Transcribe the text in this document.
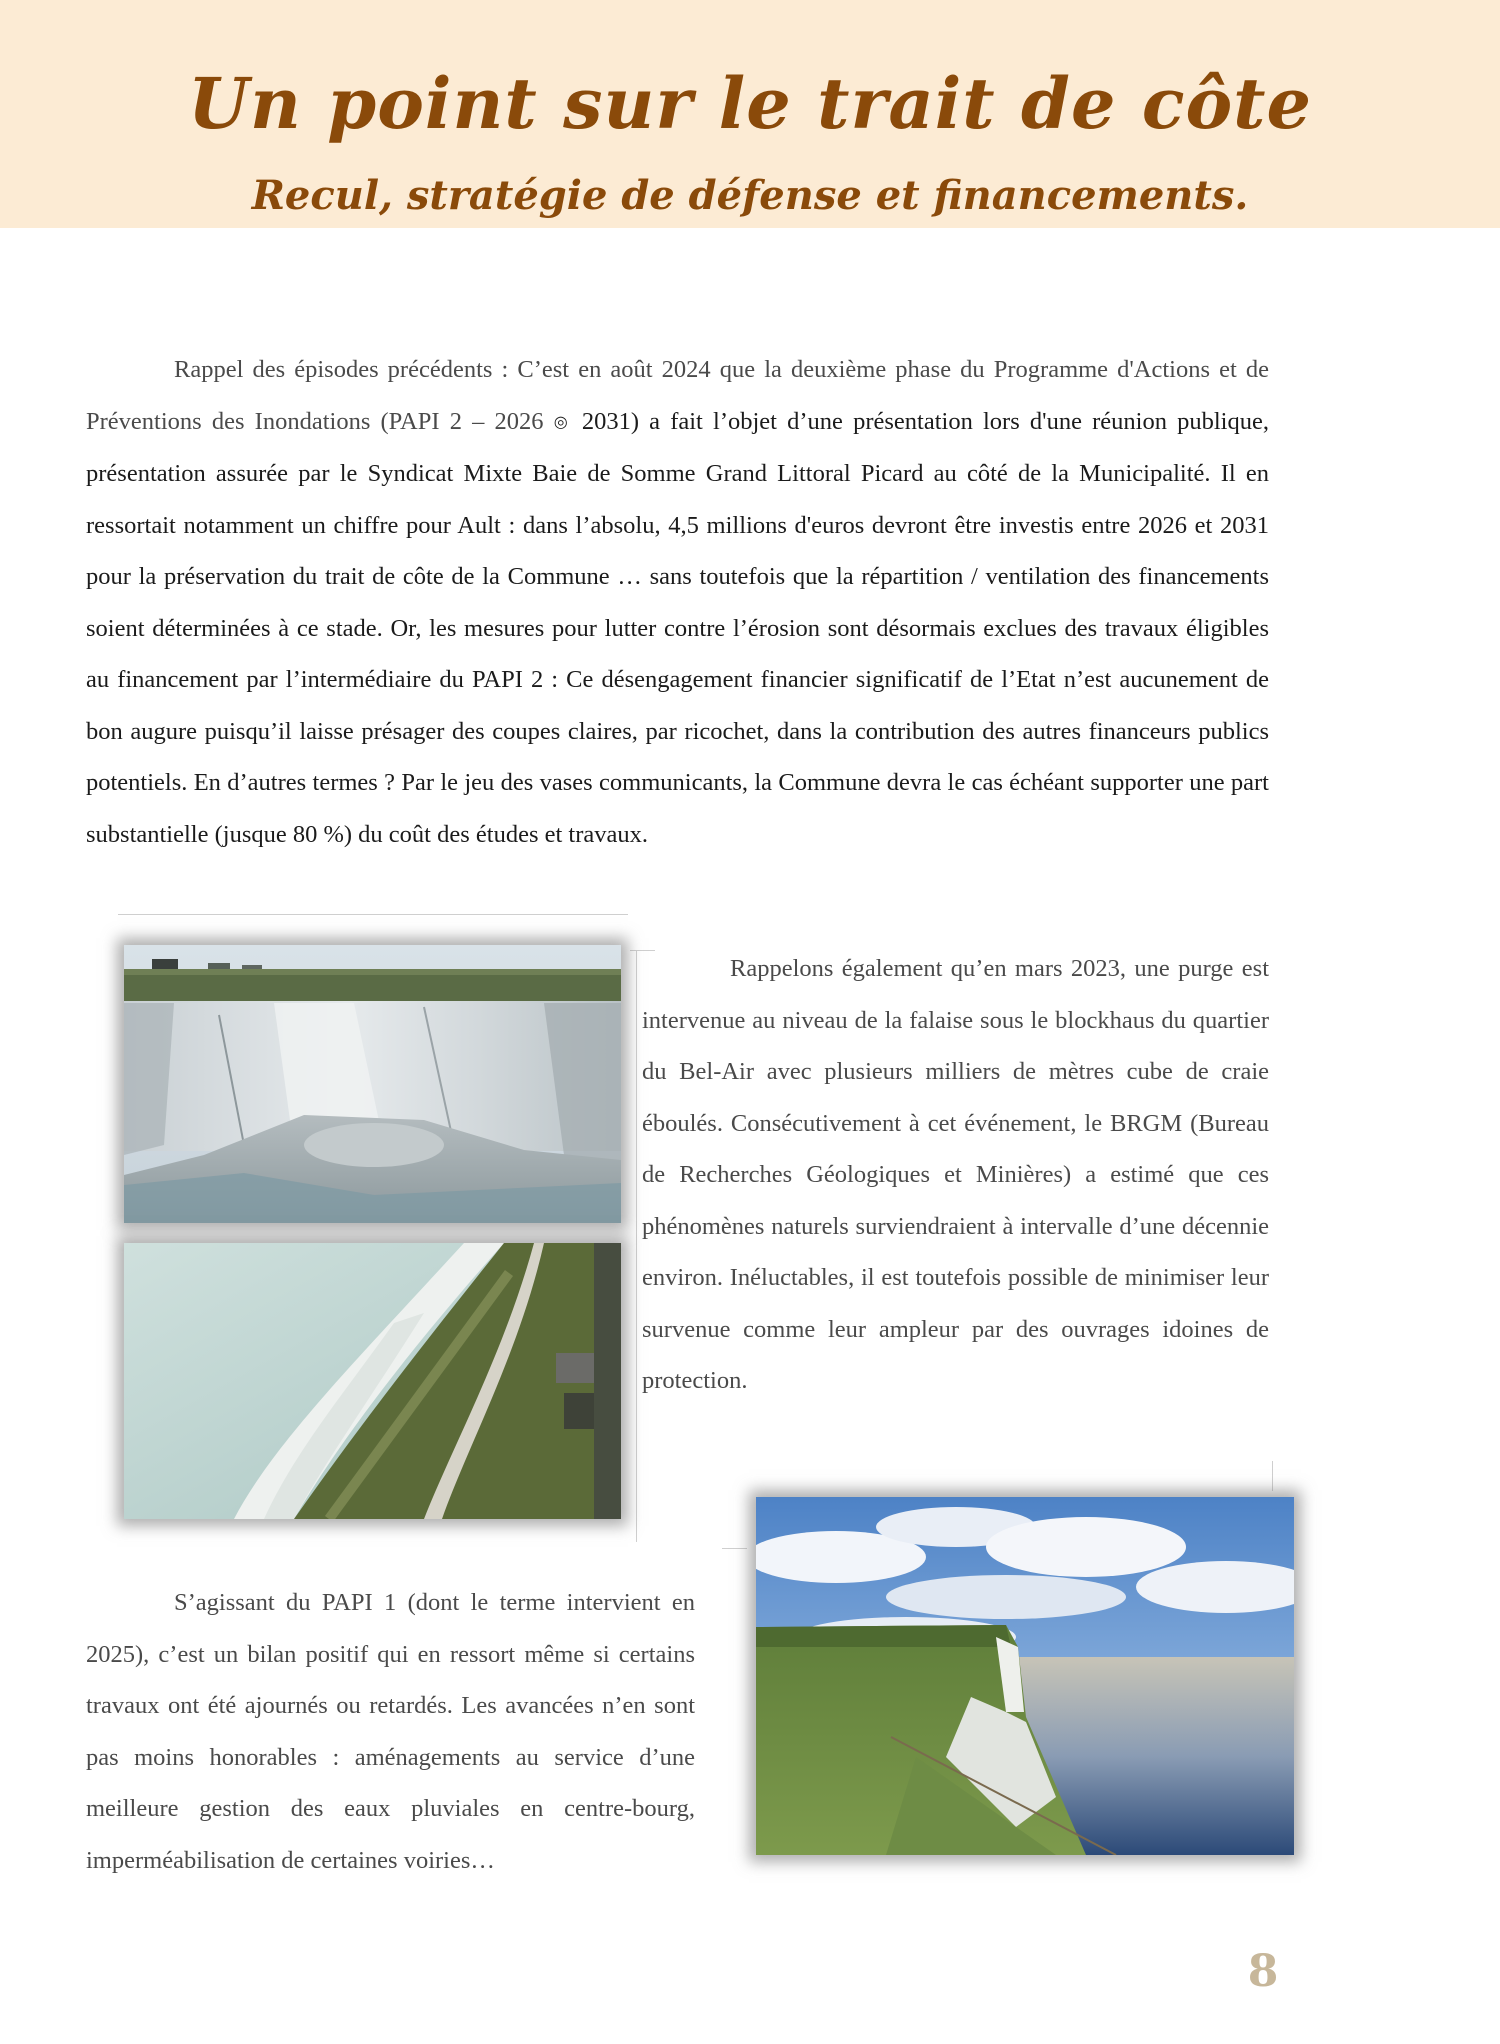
Un point sur le trait de côte
Recul, stratégie de défense et financements.

Rappel des épisodes précédents : C’est en août 2024 que la deuxième phase du Programme d'Actions et de Préventions des Inondations (PAPI 2 – 2026 ◎ 2031) a fait l’objet d’une présentation lors d'une réunion publique, présentation assurée par le Syndicat Mixte Baie de Somme Grand Littoral Picard au côté de la Municipalité. Il en ressortait notamment un chiffre pour Ault : dans l’absolu, 4,5 millions d'euros devront être investis entre 2026 et 2031 pour la préservation du trait de côte de la Commune … sans toutefois que la répartition / ventilation des financements soient déterminées à ce stade. Or, les mesures pour lutter contre l’érosion sont désormais exclues des travaux éligibles au financement par l’intermédiaire du PAPI 2 : Ce désengagement financier significatif de l’Etat n’est aucunement de bon augure puisqu’il laisse présager des coupes claires, par ricochet, dans la contribution des autres financeurs publics potentiels. En d’autres termes ? Par le jeu des vases communicants, la Commune devra le cas échéant supporter une part substantielle (jusque 80 %) du coût des études et travaux.

Rappelons également qu’en mars 2023, une purge est intervenue au niveau de la falaise sous le blockhaus du quartier du Bel-Air avec plusieurs milliers de mètres cube de craie éboulés. Consécutivement à cet événement, le BRGM (Bureau de Recherches Géologiques et Minières) a estimé que ces phénomènes naturels surviendraient à intervalle d’une décennie environ. Inéluctables, il est toutefois possible de minimiser leur survenue comme leur ampleur par des ouvrages idoines de protection.

S’agissant du PAPI 1 (dont le terme intervient en 2025), c’est un bilan positif qui en ressort même si certains travaux ont été ajournés ou retardés. Les avancées n’en sont pas moins honorables : aménagements au service d’une meilleure gestion des eaux pluviales en centre-bourg, imperméabilisation de certaines voiries…

8
